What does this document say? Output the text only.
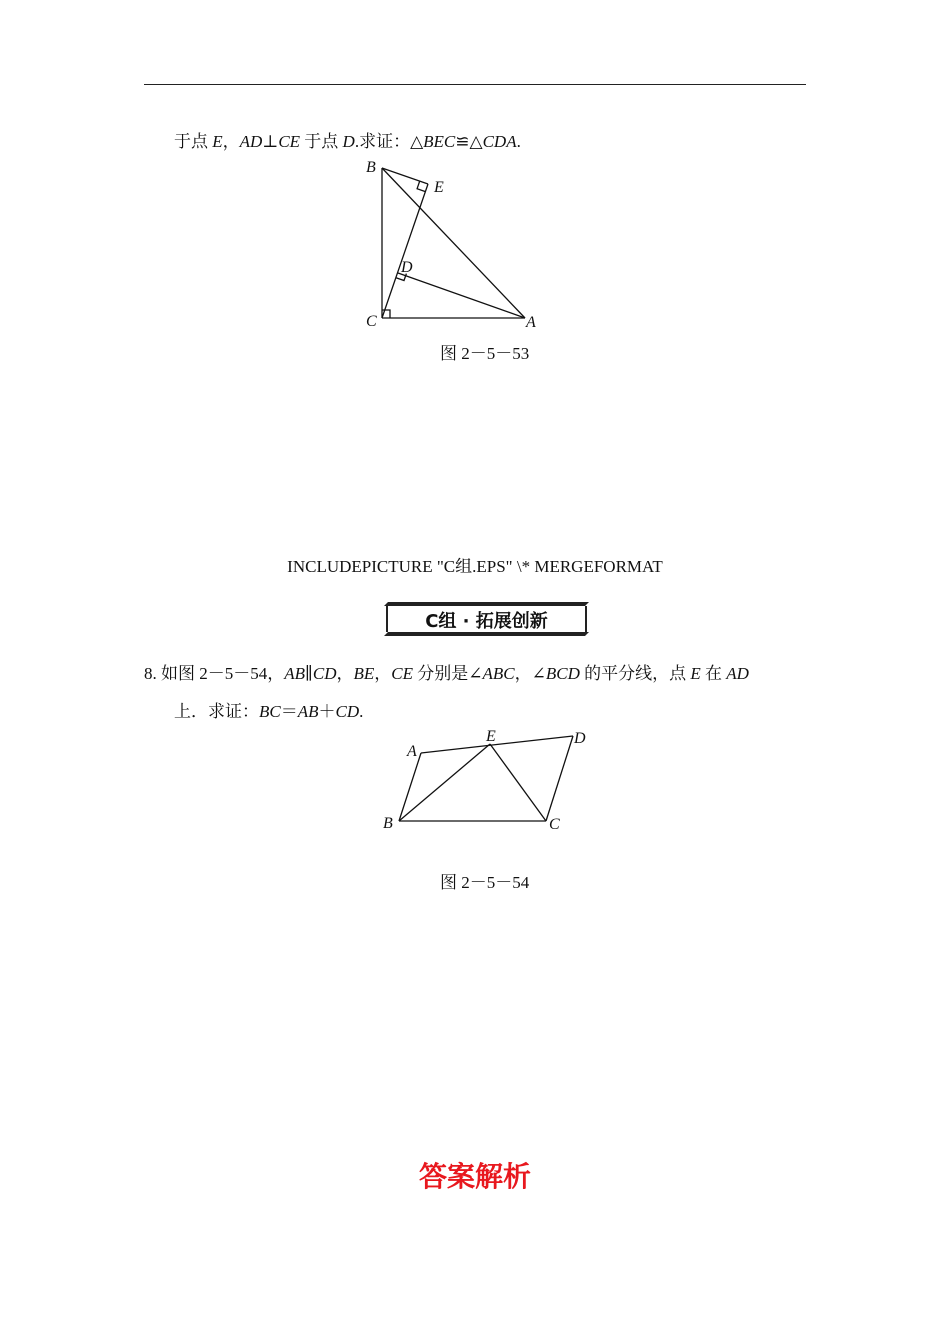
于点 E，AD⊥CE 于点 D.求证：△BEC≌△CDA.
B
E
D
C	A
图 2－5－53
INCLUDEPICTURE "C组.EPS" \* MERGEFORMAT
C组 · 拓展创新
8. 如图 2－5－54，AB∥CD，BE，CE 分别是∠ABC，∠BCD 的平分线，点 E 在 AD
上．求证：BC＝AB＋CD.
A
E	D
B	C
图 2－5－54
答案解析
